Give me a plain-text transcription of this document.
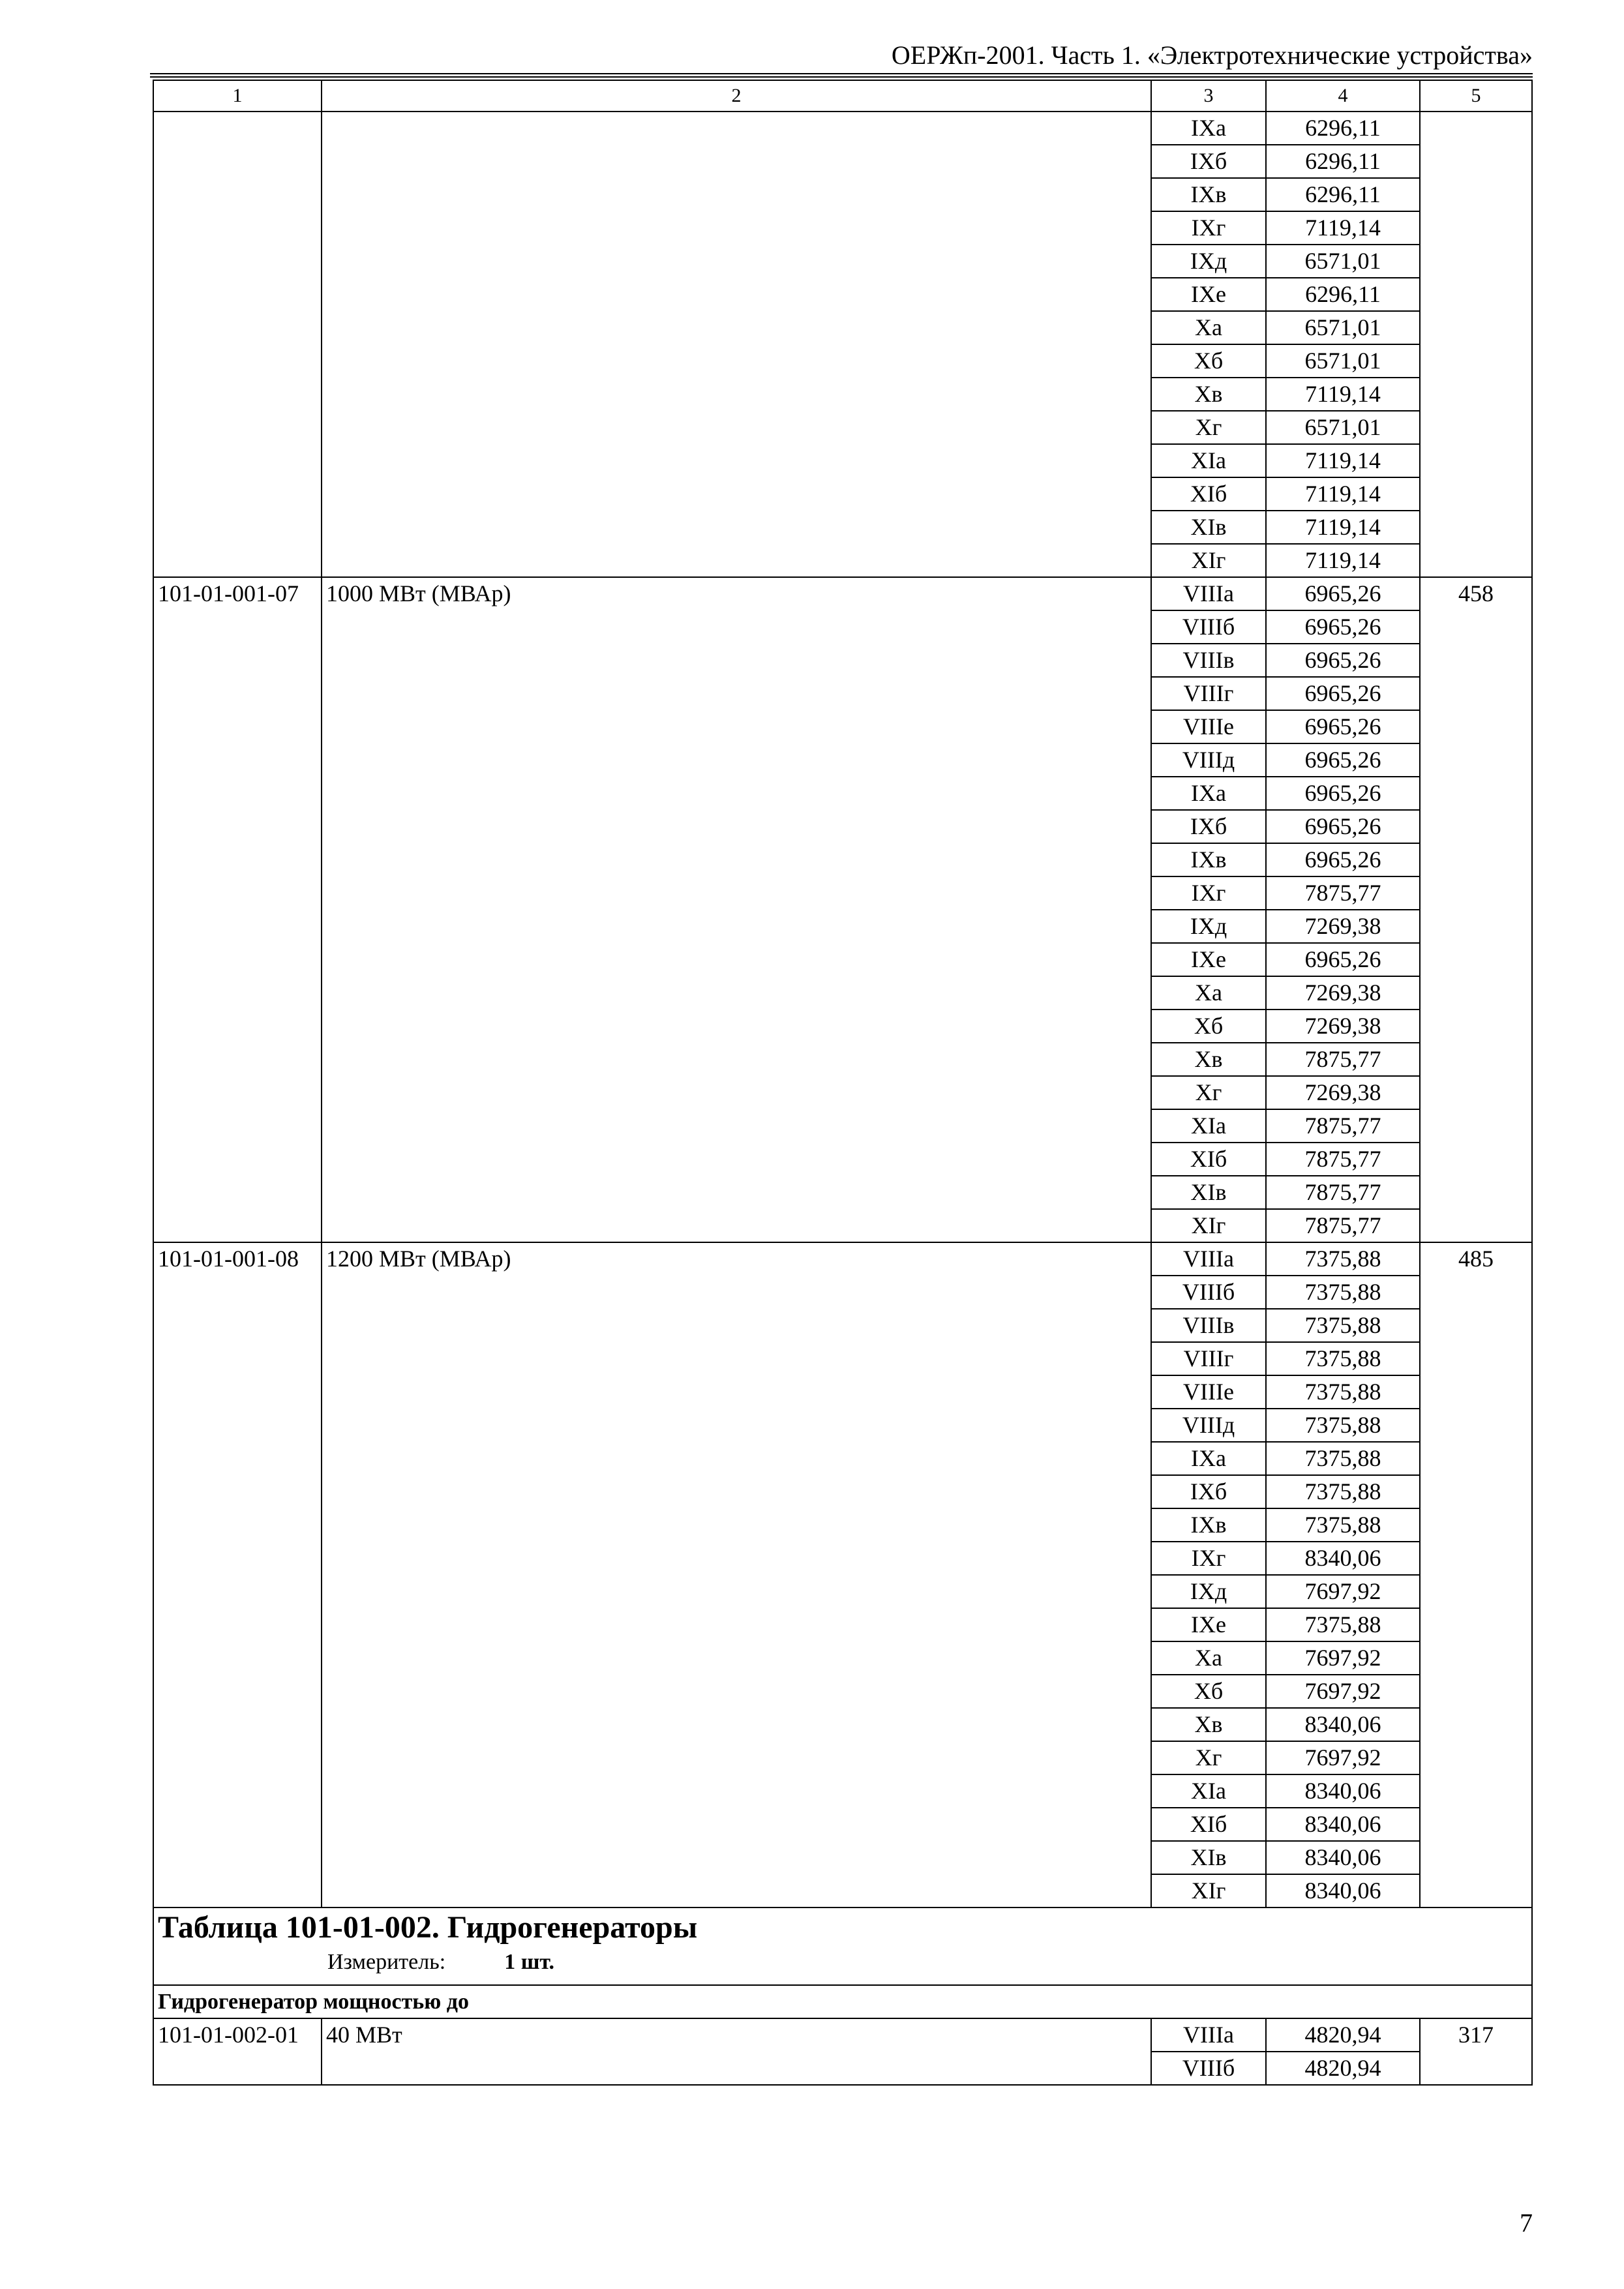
ОЕРЖп-2001. Часть 1. «Электротехнические устройства»
1	2	3	4	5
		IXа	6296,11	
		IXб	6296,11	
		IXв	6296,11	
		IXг	7119,14	
		IXд	6571,01	
		IXе	6296,11	
		Xа	6571,01	
		Xб	6571,01	
		Xв	7119,14	
		Xг	6571,01	
		XIа	7119,14	
		XIб	7119,14	
		XIв	7119,14	
		XIг	7119,14	
101-01-001-07	1000 МВт (МВАр)	VIIIа	6965,26	458
		VIIIб	6965,26	
		VIIIв	6965,26	
		VIIIг	6965,26	
		VIIIе	6965,26	
		VIIIд	6965,26	
		IXа	6965,26	
		IXб	6965,26	
		IXв	6965,26	
		IXг	7875,77	
		IXд	7269,38	
		IXе	6965,26	
		Xа	7269,38	
		Xб	7269,38	
		Xв	7875,77	
		Xг	7269,38	
		XIа	7875,77	
		XIб	7875,77	
		XIв	7875,77	
		XIг	7875,77	
101-01-001-08	1200 МВт (МВАр)	VIIIа	7375,88	485
		VIIIб	7375,88	
		VIIIв	7375,88	
		VIIIг	7375,88	
		VIIIе	7375,88	
		VIIIд	7375,88	
		IXа	7375,88	
		IXб	7375,88	
		IXв	7375,88	
		IXг	8340,06	
		IXд	7697,92	
		IXе	7375,88	
		Xа	7697,92	
		Xб	7697,92	
		Xв	8340,06	
		Xг	7697,92	
		XIа	8340,06	
		XIб	8340,06	
		XIв	8340,06	
		XIг	8340,06	

Таблица 101-01-002. Гидрогенераторы
Измеритель: 1 шт.				

Гидрогенератор мощностью до				
101-01-002-01	40 МВт	VIIIа	4820,94	317
		VIIIб	4820,94	
7
